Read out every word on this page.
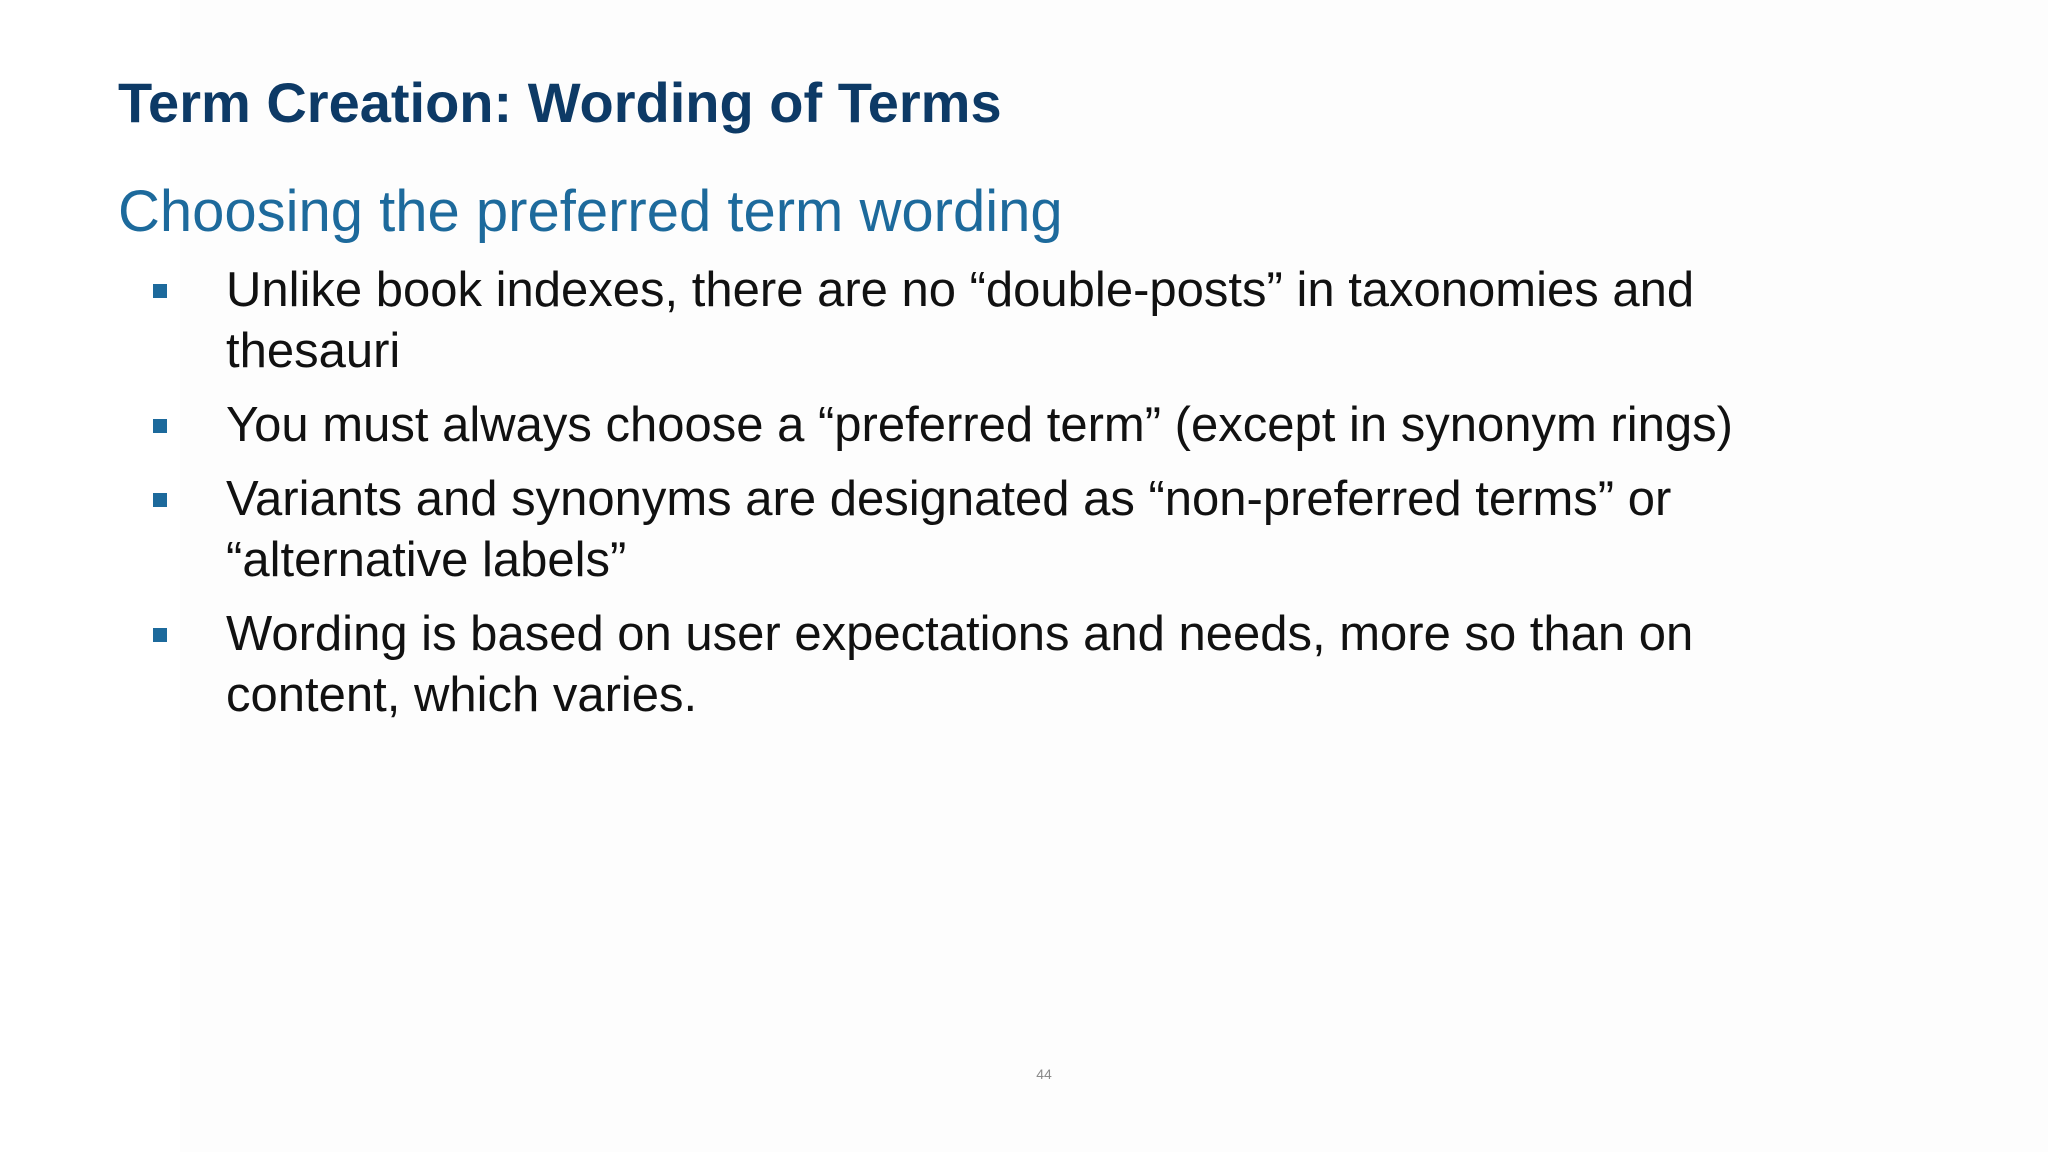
Term Creation: Wording of Terms
Choosing the preferred term wording
Unlike book indexes, there are no “double-posts” in taxonomies and thesauri
You must always choose a “preferred term” (except in synonym rings)
Variants and synonyms are designated as “non-preferred terms” or “alternative labels”
Wording is based on user expectations and needs, more so than on content, which varies.
44
